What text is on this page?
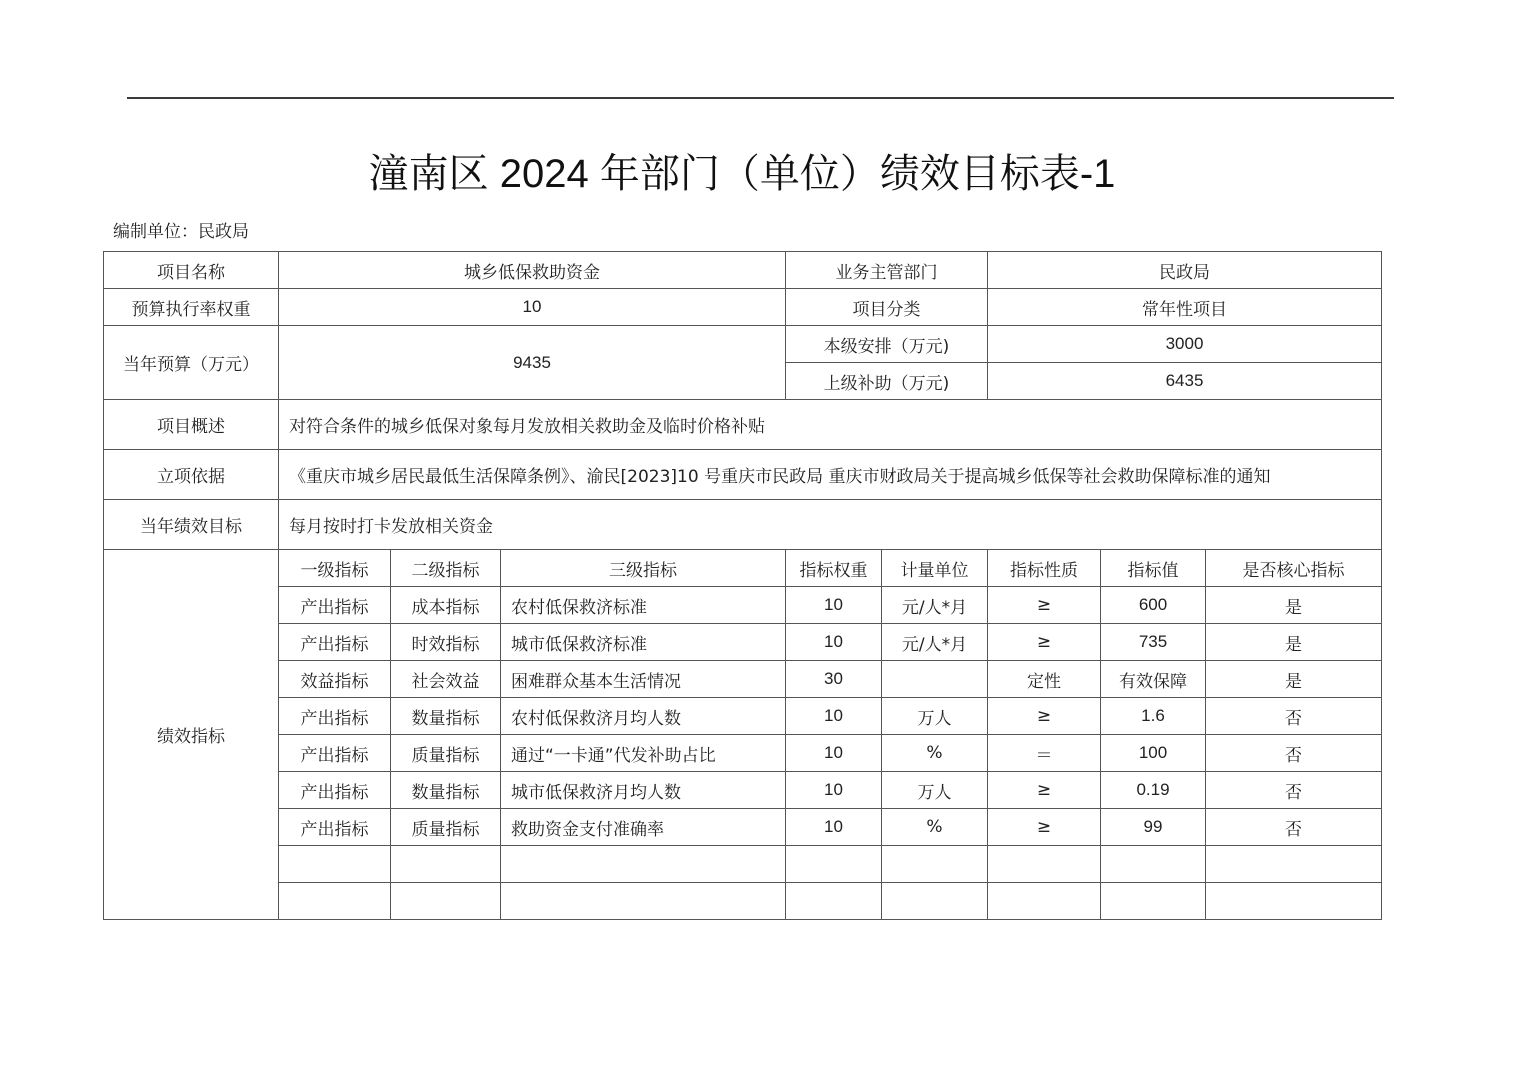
潼南区 2024 年部门（单位）绩效目标表-1
编制单位：民政局
项目名称	城乡低保救助资金			业务主管部门		民政局		
预算执行率权重	10			项目分类		常年性项目		
当年预算（万元）	9435			本级安排（万元)		3000		
				上级补助（万元)		6435		
项目概述	对符合条件的城乡低保对象每月发放相关救助金及临时价格补贴							
立项依据	《重庆市城乡居民最低生活保障条例》、渝民[2023]10 号重庆市民政局 重庆市财政局关于提高城乡低保等社会救助保障标准的通知							
当年绩效目标	每月按时打卡发放相关资金							
绩效指标	一级指标	二级指标	三级指标	指标权重	计量单位	指标性质	指标值	是否核心指标
	产出指标	成本指标	农村低保救济标准	10	元/人*月	≥	600	是
	产出指标	时效指标	城市低保救济标准	10	元/人*月	≥	735	是
	效益指标	社会效益	困难群众基本生活情况	30		定性	有效保障	是
	产出指标	数量指标	农村低保救济月均人数	10	万人	≥	1.6	否
	产出指标	质量指标	通过“一卡通”代发补助占比	10	%	＝	100	否
	产出指标	数量指标	城市低保救济月均人数	10	万人	≥	0.19	否
	产出指标	质量指标	救助资金支付准确率	10	%	≥	99	否
